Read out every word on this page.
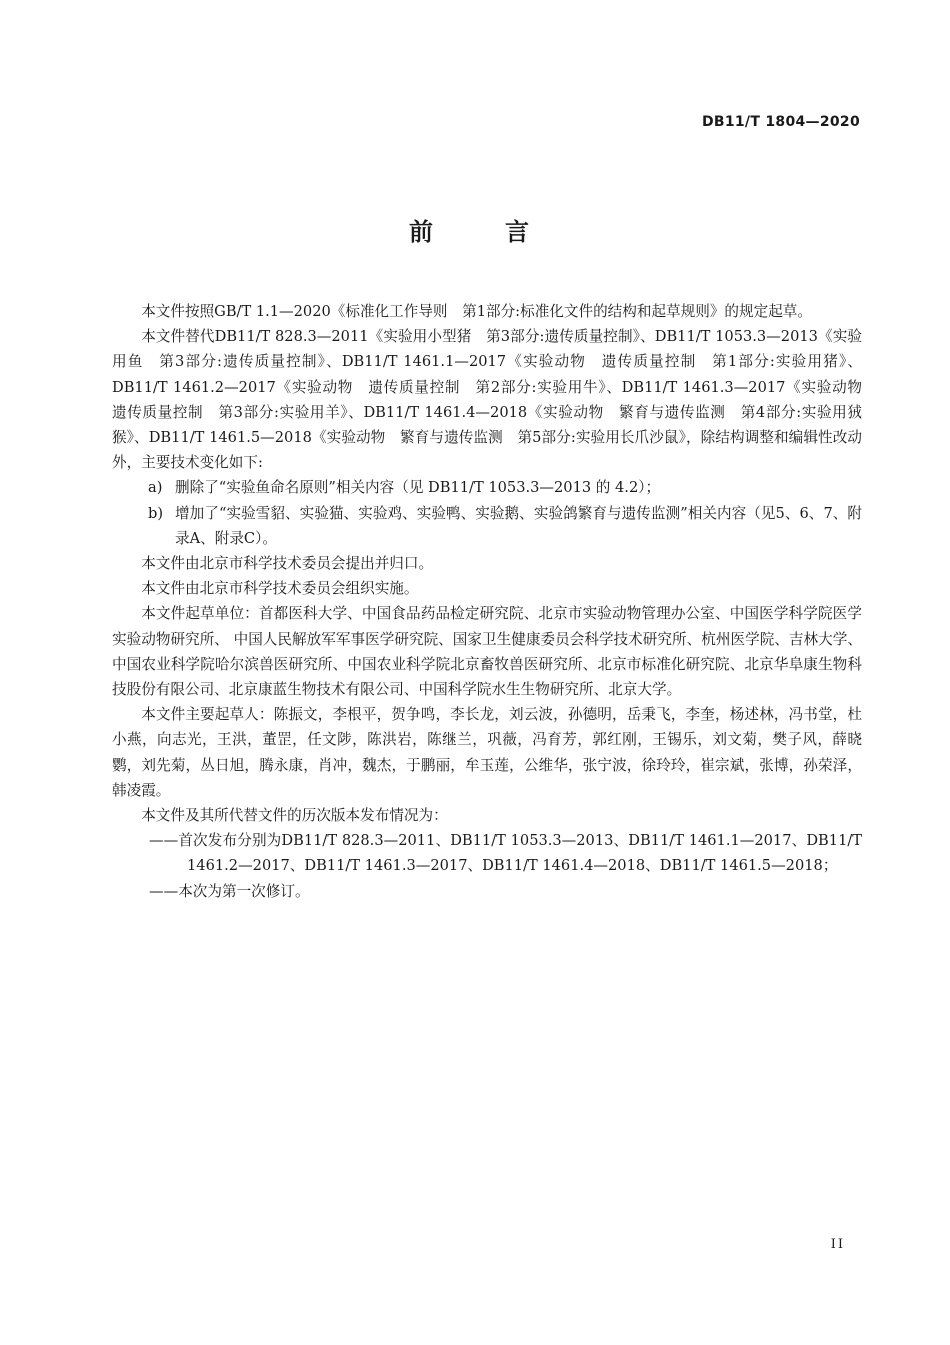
DB11/T 1804—2020
前　言

本文件按照GB/T 1.1—2020《标准化工作导则　第1部分:标准化文件的结构和起草规则》的规定起草。

本文件替代DB11/T 828.3—2011《实验用小型猪　第3部分:遗传质量控制》、DB11/T 1053.3—2013《实验用鱼　第3部分:遗传质量控制》、DB11/T 1461.1—2017《实验动物　遗传质量控制　第1部分:实验用猪》、DB11/T 1461.2—2017《实验动物　遗传质量控制　第2部分:实验用牛》、DB11/T 1461.3—2017《实验动物　遗传质量控制　第3部分:实验用羊》、DB11/T 1461.4—2018《实验动物　繁育与遗传监测　第4部分:实验用狨猴》、DB11/T 1461.5—2018《实验动物　繁育与遗传监测　第5部分:实验用长爪沙鼠》，除结构调整和编辑性改动外，主要技术变化如下:

a) 删除了“实验鱼命名原则”相关内容（见 DB11/T 1053.3—2013 的 4.2）；

b) 增加了“实验雪貂、实验猫、实验鸡、实验鸭、实验鹅、实验鸽繁育与遗传监测”相关内容（见5、6、7、附录A、附录C）。

本文件由北京市科学技术委员会提出并归口。

本文件由北京市科学技术委员会组织实施。

本文件起草单位：首都医科大学、中国食品药品检定研究院、北京市实验动物管理办公室、中国医学科学院医学实验动物研究所、 中国人民解放军军事医学研究院、国家卫生健康委员会科学技术研究所、杭州医学院、吉林大学、中国农业科学院哈尔滨兽医研究所、中国农业科学院北京畜牧兽医研究所、北京市标准化研究院、北京华阜康生物科技股份有限公司、北京康蓝生物技术有限公司、中国科学院水生生物研究所、北京大学。

本文件主要起草人：陈振文，李根平，贺争鸣，李长龙，刘云波，孙德明，岳秉飞，李奎，杨述林，冯书堂，杜小燕，向志光，王洪，董罡，任文陟，陈洪岩，陈继兰，巩薇，冯育芳，郭红刚，王锡乐，刘文菊，樊子风，薛晓鹦，刘先菊，丛日旭，腾永康，肖冲，魏杰，于鹏丽，牟玉莲，公维华，张宁波，徐玲玲，崔宗斌，张博，孙荣泽，韩凌霞。

本文件及其所代替文件的历次版本发布情况为：

——首次发布分别为DB11/T 828.3—2011、DB11/T 1053.3—2013、DB11/T 1461.1—2017、DB11/T 1461.2—2017、DB11/T 1461.3—2017、DB11/T 1461.4—2018、DB11/T 1461.5—2018；

——本次为第一次修订。

II
